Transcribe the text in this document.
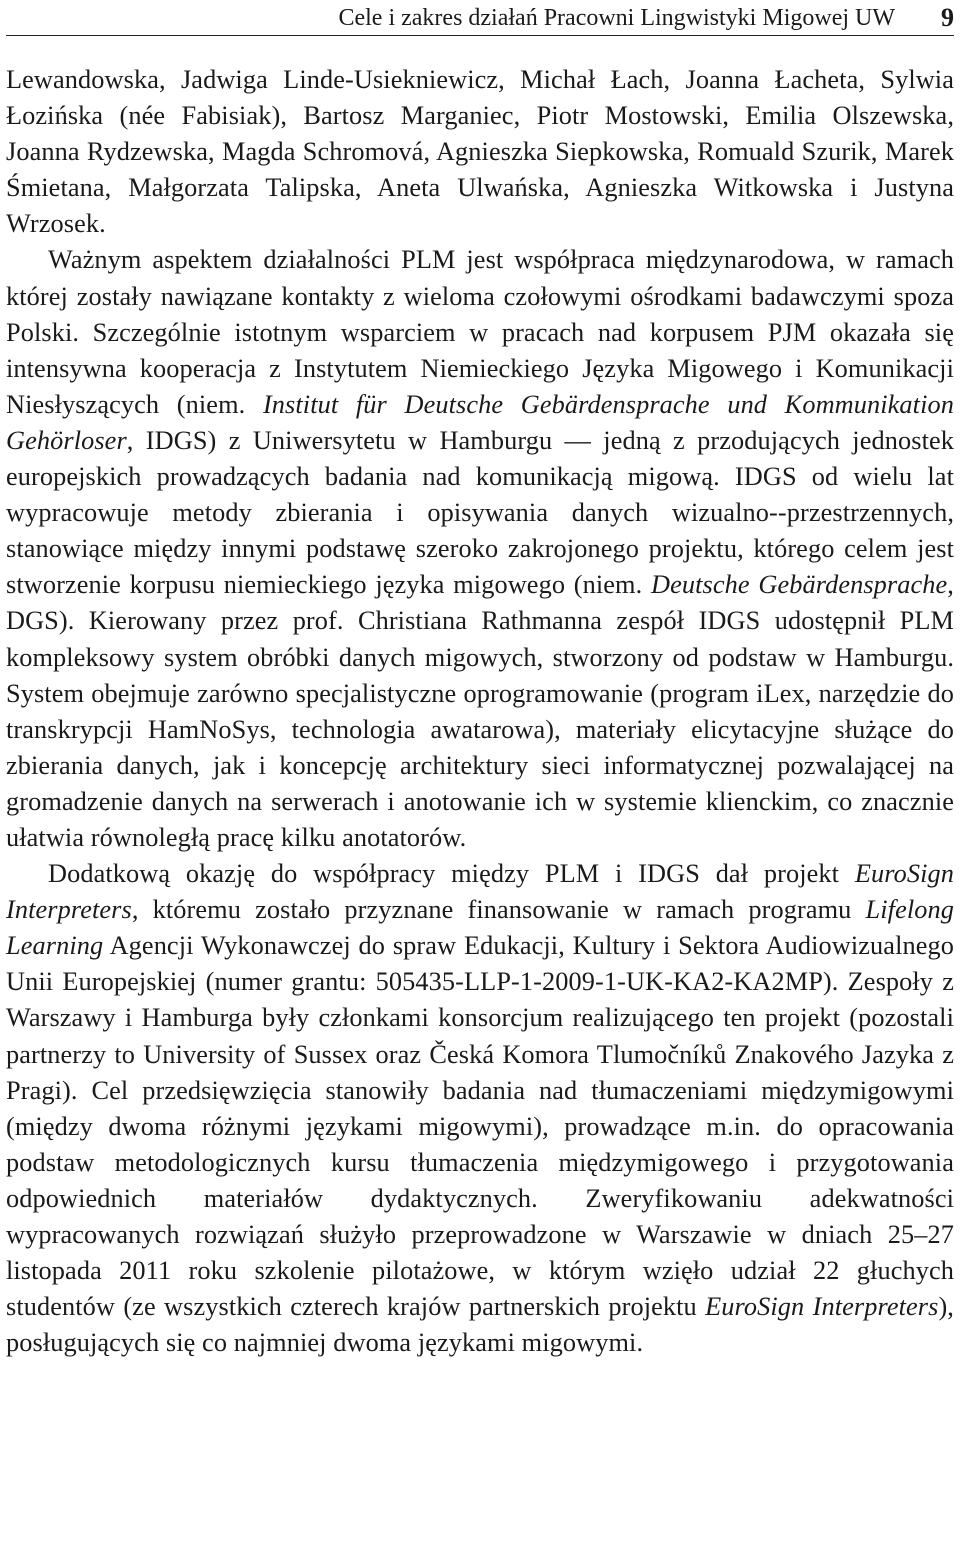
Cele i zakres działań Pracowni Lingwistyki Migowej UW 9

Lewandowska, Jadwiga Linde-Usiekniewicz, Michał Łach, Joanna Łacheta, Sylwia Łozińska (née Fabisiak), Bartosz Marganiec, Piotr Mostowski, Emilia Olszewska, Joanna Rydzewska, Magda Schromová, Agnieszka Siepkowska, Romuald Szurik, Marek Śmietana, Małgorzata Talipska, Aneta Ulwańska, Agnieszka Witkowska i Justyna Wrzosek.

Ważnym aspektem działalności PLM jest współpraca międzynarodowa, w ramach której zostały nawiązane kontakty z wieloma czołowymi ośrodkami badawczymi spoza Polski. Szczególnie istotnym wsparciem w pracach nad korpusem PJM okazała się intensywna kooperacja z Instytutem Niemieckiego Języka Migowego i Komunikacji Niesłyszących (niem. Institut für Deutsche Gebärdensprache und Kommunikation Gehörloser, IDGS) z Uniwersytetu w Hamburgu — jedną z przodujących jednostek europejskich prowadzących badania nad komunikacją migową. IDGS od wielu lat wypracowuje metody zbierania i opisywania danych wizualno--przestrzennych, stanowiące między innymi podstawę szeroko zakrojonego projektu, którego celem jest stworzenie korpusu niemieckiego języka migowego (niem. Deutsche Gebärdensprache, DGS). Kierowany przez prof. Christiana Rathmanna zespół IDGS udostępnił PLM kompleksowy system obróbki danych migowych, stworzony od podstaw w Hamburgu. System obejmuje zarówno specjalistyczne oprogramowanie (program iLex, narzędzie do transkrypcji HamNoSys, technologia awatarowa), materiały elicytacyjne służące do zbierania danych, jak i koncepcję architektury sieci informatycznej pozwalającej na gromadzenie danych na serwerach i anotowanie ich w systemie klienckim, co znacznie ułatwia równoległą pracę kilku anotatorów.

Dodatkową okazję do współpracy między PLM i IDGS dał projekt EuroSign Interpreters, któremu zostało przyznane finansowanie w ramach programu Lifelong Learning Agencji Wykonawczej do spraw Edukacji, Kultury i Sektora Audiowizualnego Unii Europejskiej (numer grantu: 505435-LLP-1-2009-1-UK-KA2-KA2MP). Zespoły z Warszawy i Hamburga były członkami konsorcjum realizującego ten projekt (pozostali partnerzy to University of Sussex oraz Česká Komora Tlumočníků Znakového Jazyka z Pragi). Cel przedsięwzięcia stanowiły badania nad tłumaczeniami międzymigowymi (między dwoma różnymi językami migowymi), prowadzące m.in. do opracowania podstaw metodologicznych kursu tłumaczenia międzymigowego i przygotowania odpowiednich materiałów dydaktycznych. Zweryfikowaniu adekwatności wypracowanych rozwiązań służyło przeprowadzone w Warszawie w dniach 25–27 listopada 2011 roku szkolenie pilotażowe, w którym wzięło udział 22 głuchych studentów (ze wszystkich czterech krajów partnerskich projektu EuroSign Interpreters), posługujących się co najmniej dwoma językami migowymi.
